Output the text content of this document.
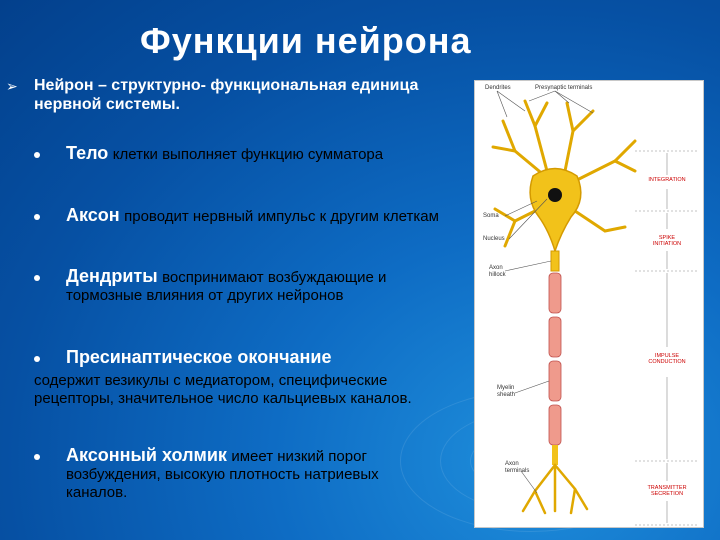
Функции нейрона
➢ Нейрон – структурно- функциональная единица нервной системы.
Тело клетки выполняет функцию сумматора
Аксон проводит нервный импульс к другим клеткам
Дендриты воспринимают возбуждающие и тормозные влияния от других нейронов
Пресинаптическое окончание
содержит везикулы с медиатором, специфические рецепторы, значительное число кальциевых каналов.
Аксонный холмик имеет низкий порог возбуждения, высокую плотность натриевых каналов.
Dendrites	Presynaptic terminals
Soma
Nucleus
Axon hillock
Myelin sheath
Axon terminals
INTEGRATION
SPIKE INITIATION
IMPULSE CONDUCTION
TRANSMITTER SECRETION
